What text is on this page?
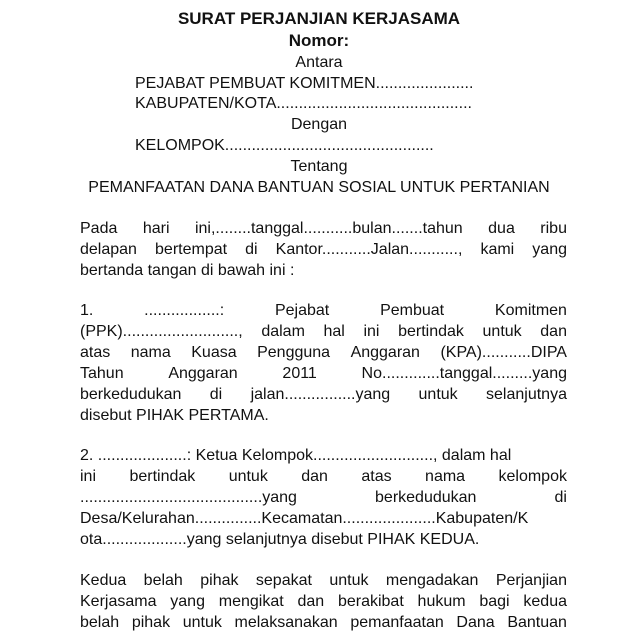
SURAT PERJANJIAN KERJASAMA
Nomor:
Antara
PEJABAT PEMBUAT KOMITMEN......................
KABUPATEN/KOTA............................................
Dengan
KELOMPOK...............................................
Tentang
PEMANFAATAN DANA BANTUAN SOSIAL UNTUK PERTANIAN
Pada hari ini,........tanggal...........bulan.......tahun dua ribu
delapan bertempat di Kantor...........Jalan..........., kami yang
bertanda tangan di bawah ini :
1.	.................:	Pejabat	Pembuat	Komitmen
(PPK).........................., dalam hal ini bertindak untuk dan
atas nama Kuasa Pengguna Anggaran (KPA)...........DIPA
Tahun	Anggaran	2011	No.............tanggal.........yang
berkedudukan di jalan................yang untuk selanjutnya
disebut PIHAK PERTAMA.
2. ....................: Ketua Kelompok..........................., dalam hal
ini bertindak untuk dan atas nama kelompok
.........................................yang	berkedudukan	di
Desa/Kelurahan...............Kecamatan.....................Kabupaten/K
ota...................yang selanjutnya disebut PIHAK KEDUA.
Kedua belah pihak sepakat untuk mengadakan Perjanjian
Kerjasama yang mengikat dan berakibat hukum bagi kedua
belah pihak untuk melaksanakan pemanfaatan Dana Bantuan
